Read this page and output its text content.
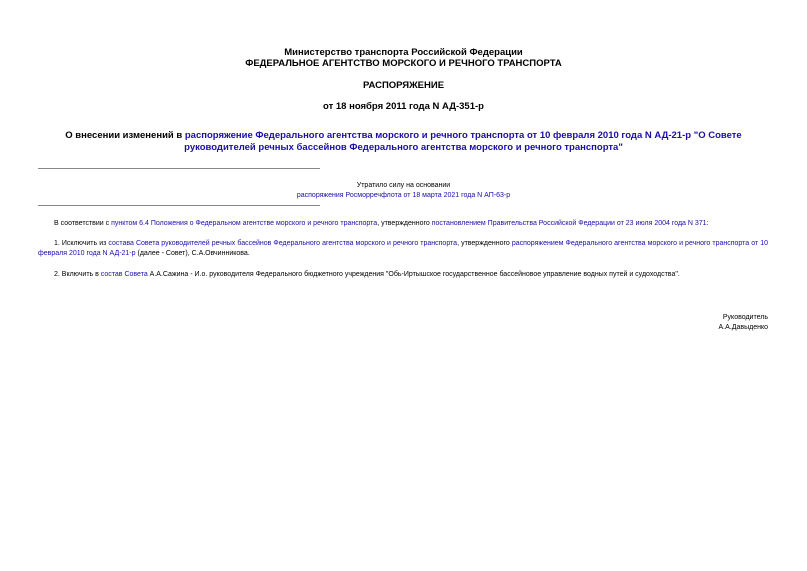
Министерство транспорта Российской Федерации
ФЕДЕРАЛЬНОЕ АГЕНТСТВО МОРСКОГО И РЕЧНОГО ТРАНСПОРТА
РАСПОРЯЖЕНИЕ
от 18 ноября 2011 года N АД-351-р
О внесении изменений в распоряжение Федерального агентства морского и речного транспорта от 10 февраля 2010 года N АД-21-р "О Совете руководителей речных бассейнов Федерального агентства морского и речного транспорта"
Утратило силу на основании
распоряжения Росморречфлота от 18 марта 2021 года N АП-63-р
В соответствии с пунктом 6.4 Положения о Федеральном агентстве морского и речного транспорта, утвержденного постановлением Правительства Российской Федерации от 23 июля 2004 года N 371:
1. Исключить из состава Совета руководителей речных бассейнов Федерального агентства морского и речного транспорта, утвержденного распоряжением Федерального агентства морского и речного транспорта от 10 февраля 2010 года N АД-21-р (далее - Совет), С.А.Овчинникова.
2. Включить в состав Совета А.А.Сажина - И.о. руководителя Федерального бюджетного учреждения "Обь-Иртышское государственное бассейновое управление водных путей и судоходства".
Руководитель
А.А.Давыденко
